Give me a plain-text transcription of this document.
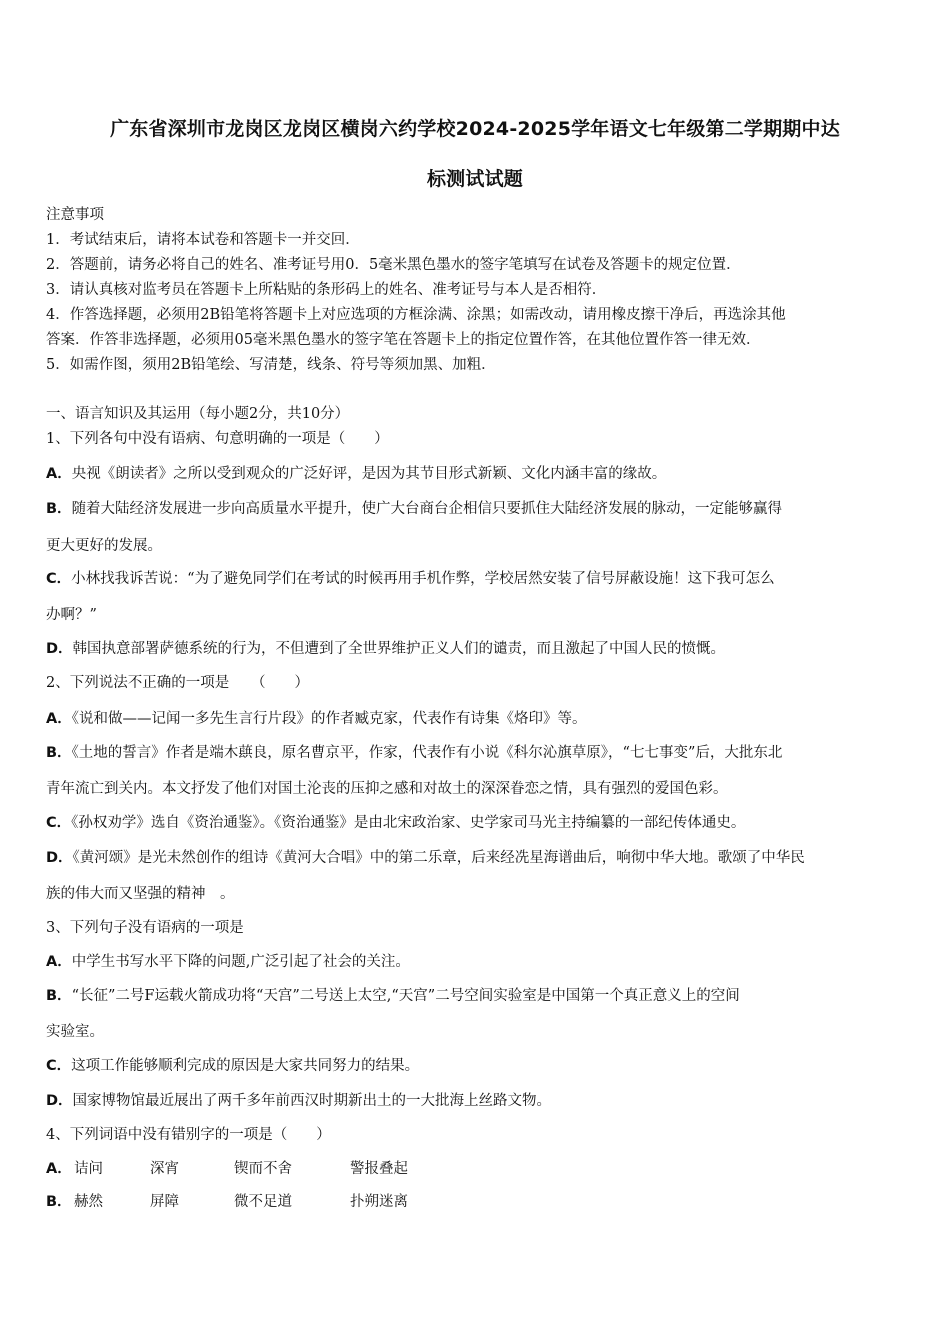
广东省深圳市龙岗区龙岗区横岗六约学校2024-2025学年语文七年级第二学期期中达
标测试试题
注意事项
1．考试结束后，请将本试卷和答题卡一并交回．
2．答题前，请务必将自己的姓名、准考证号用0．5毫米黑色墨水的签字笔填写在试卷及答题卡的规定位置．
3．请认真核对监考员在答题卡上所粘贴的条形码上的姓名、准考证号与本人是否相符．
4．作答选择题，必须用2B铅笔将答题卡上对应选项的方框涂满、涂黑；如需改动，请用橡皮擦干净后，再选涂其他
答案．作答非选择题，必须用05毫米黑色墨水的签字笔在答题卡上的指定位置作答，在其他位置作答一律无效．
5．如需作图，须用2B铅笔绘、写清楚，线条、符号等须加黑、加粗．
一、语言知识及其运用（每小题2分，共10分）
1、下列各句中没有语病、句意明确的一项是（　　）
A．央视《朗读者》之所以受到观众的广泛好评，是因为其节目形式新颖、文化内涵丰富的缘故。
B．随着大陆经济发展进一步向高质量水平提升，使广大台商台企相信只要抓住大陆经济发展的脉动，一定能够赢得
更大更好的发展。
C．小林找我诉苦说：“为了避免同学们在考试的时候再用手机作弊，学校居然安装了信号屏蔽设施！这下我可怎么
办啊？”
D．韩国执意部署萨德系统的行为，不但遭到了全世界维护正义人们的谴责，而且激起了中国人民的愤慨。
2、下列说法不正确的一项是　　（　　）
A．《说和做——记闻一多先生言行片段》的作者臧克家，代表作有诗集《烙印》等。
B．《土地的誓言》作者是端木蕻良，原名曹京平，作家，代表作有小说《科尔沁旗草原》，“七七事变”后，大批东北
青年流亡到关内。本文抒发了他们对国土沦丧的压抑之感和对故土的深深眷恋之情，具有强烈的爱国色彩。
C．《孙权劝学》选自《资治通鉴》。《资治通鉴》是由北宋政治家、史学家司马光主持编纂的一部纪传体通史。
D．《黄河颂》是光未然创作的组诗《黄河大合唱》中的第二乐章，后来经冼星海谱曲后，响彻中华大地。歌颂了中华民
族的伟大而又坚强的精神　。
3、下列句子没有语病的一项是
A．中学生书写水平下降的问题,广泛引起了社会的关注。
B．“长征”二号F运载火箭成功将“天宫”二号送上太空,“天宫”二号空间实验室是中国第一个真正意义上的空间
实验室。
C．这项工作能够顺利完成的原因是大家共同努力的结果。
D．国家博物馆最近展出了两千多年前西汉时期新出土的一大批海上丝路文物。
4、下列词语中没有错别字的一项是（　　）
A． 诘问	深宵	锲而不舍	警报叠起
B． 赫然	屏障	微不足道	扑朔迷离
